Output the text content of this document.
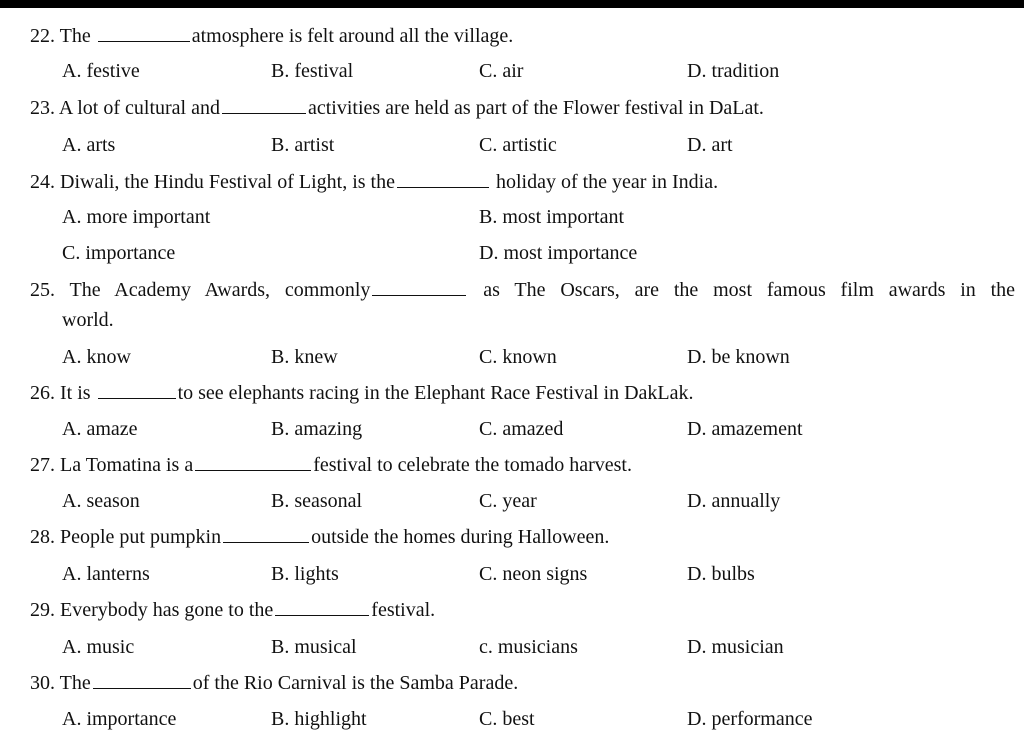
22. The	atmosphere is felt around all the village.
A. festive	B. festival	C. air	D. tradition
23. A lot of cultural and	activities are held as part of the Flower festival in DaLat.
A. arts	B. artist	C. artistic	D. art
24. Diwali, the Hindu Festival of Light, is the	holiday of the year in India.
A. more important	B. most important
C. importance	D. most importance
25. The Academy Awards, commonly	as The Oscars, are the most famous film awards in the
world.
A. know	B. knew	C. known	D. be known
26. It is	to see elephants racing in the Elephant Race Festival in DakLak.
A. amaze	B. amazing	C. amazed	D. amazement
27. La Tomatina is a	festival to celebrate the tomado harvest.
A. season	B. seasonal	C. year	D. annually
28. People put pumpkin	outside the homes during Halloween.
A. lanterns	B. lights	C. neon signs	D. bulbs
29. Everybody has gone to the	festival.
A. music	B. musical	c. musicians	D. musician
30. The	of the Rio Carnival is the Samba Parade.
A. importance	B. highlight	C. best	D. performance
